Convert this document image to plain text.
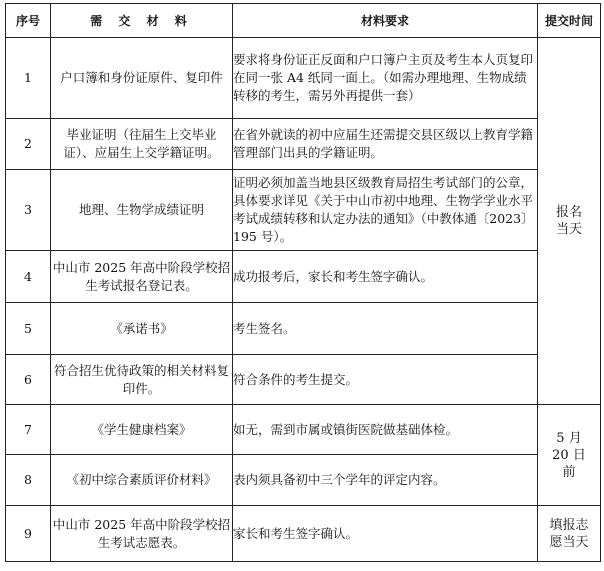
序号	需 交 材 料	材料要求	提交时间
1	户口簿和身份证原件、复印件	要求将身份证正反面和户口簿户主页及考生本人页复印在同一张 A4 纸同一面上。（如需办理地理、生物成绩转移的考生，需另外再提供一套）	报名当天

2	毕业证明（往届生上交毕业证）、应届生上交学籍证明。	在省外就读的初中应届生还需提交县区级以上教育学籍管理部门出具的学籍证明。	
3	地理、生物学成绩证明	证明必须加盖当地县区级教育局招生考试部门的公章，具体要求详见《关于中山市初中地理、生物学学业水平考试成绩转移和认定办法的通知》（中教体通〔2023〕195 号）。	
4	中山市 2025 年高中阶段学校招生考试报名登记表。	成功报考后，家长和考生签字确认。	
5	《承诺书》	考生签名。	
6	符合招生优待政策的相关材料复印件。	符合条件的考生提交。	
7	《学生健康档案》	如无，需到市属或镇街医院做基础体检。	5 月 20 日前

8	《初中综合素质评价材料》	表内须具备初中三个学年的评定内容。	
9	中山市 2025 年高中阶段学校招生考试志愿表。	家长和考生签字确认。	填报志愿当天
